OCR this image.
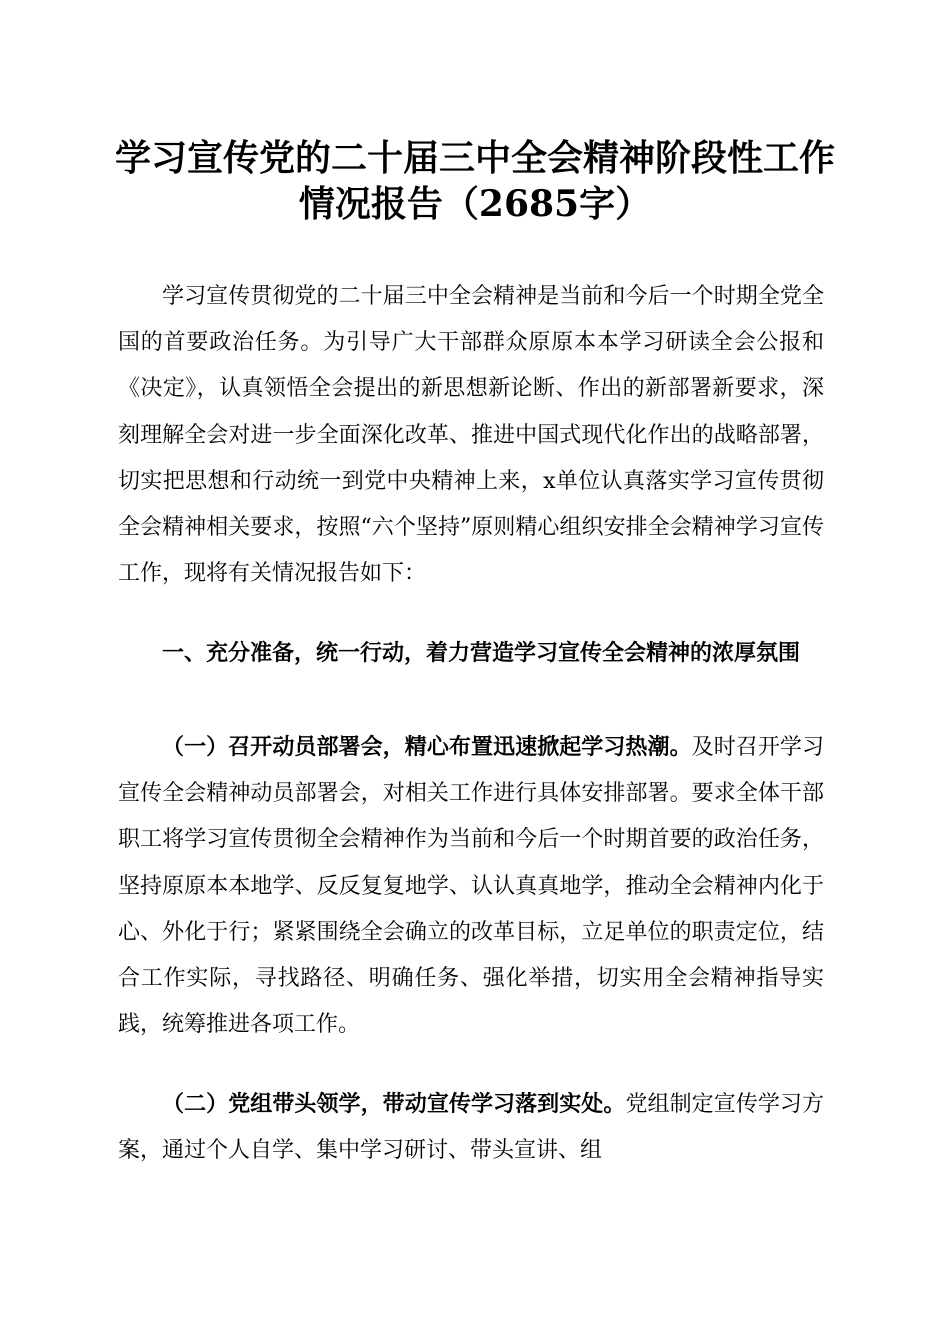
学习宣传党的二十届三中全会精神阶段性工作
情况报告（2685字）

学习宣传贯彻党的二十届三中全会精神是当前和今后一个时期全党全国的首要政治任务。为引导广大干部群众原原本本学习研读全会公报和《决定》，认真领悟全会提出的新思想新论断、作出的新部署新要求，深刻理解全会对进一步全面深化改革、推进中国式现代化作出的战略部署，切实把思想和行动统一到党中央精神上来，x单位认真落实学习宣传贯彻全会精神相关要求，按照“六个坚持”原则精心组织安排全会精神学习宣传工作，现将有关情况报告如下：

一、充分准备，统一行动，着力营造学习宣传全会精神的浓厚氛围

（一）召开动员部署会，精心布置迅速掀起学习热潮。及时召开学习宣传全会精神动员部署会，对相关工作进行具体安排部署。要求全体干部职工将学习宣传贯彻全会精神作为当前和今后一个时期首要的政治任务，坚持原原本本地学、反反复复地学、认认真真地学，推动全会精神内化于心、外化于行；紧紧围绕全会确立的改革目标，立足单位的职责定位，结合工作实际，寻找路径、明确任务、强化举措，切实用全会精神指导实践，统筹推进各项工作。

（二）党组带头领学，带动宣传学习落到实处。党组制定宣传学习方案，通过个人自学、集中学习研讨、带头宣讲、组
